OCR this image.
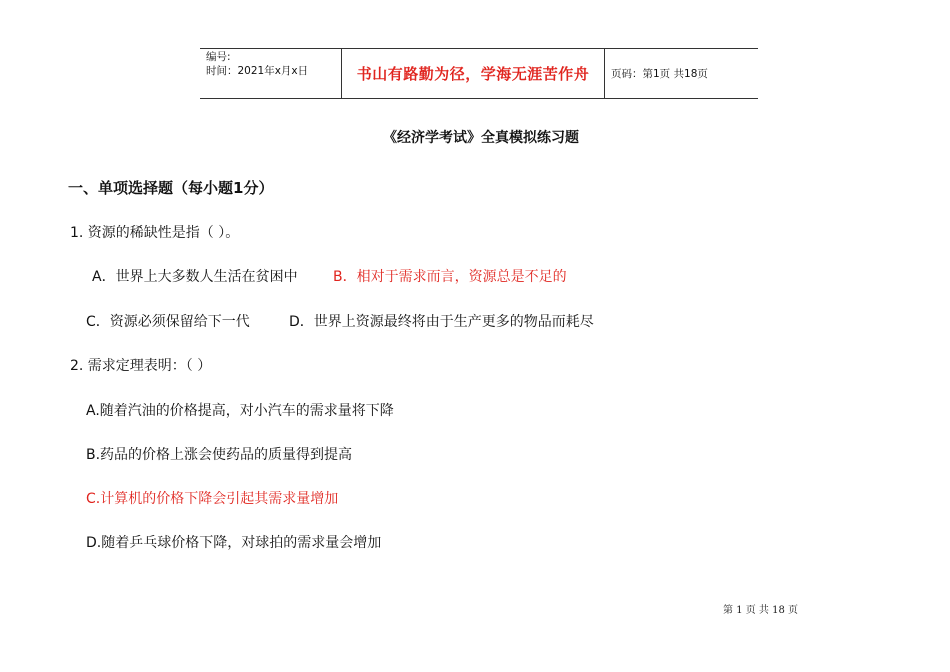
编号:
时间：2021年x月x日	书山有路勤为径，学海无涯苦作舟 页码：第1页 共18页
《经济学考试》全真模拟练习题
一、单项选择题（每小题1分）
1. 资源的稀缺性是指（ ）。
A．世界上大多数人生活在贫困中	B．相对于需求而言，资源总是不足的
C．资源必须保留给下一代	D．世界上资源最终将由于生产更多的物品而耗尽
2. 需求定理表明：（ ）
A.随着汽油的价格提高，对小汽车的需求量将下降
B.药品的价格上涨会使药品的质量得到提高
C.计算机的价格下降会引起其需求量增加
D.随着乒乓球价格下降，对球拍的需求量会增加
第 1 页 共 18 页
